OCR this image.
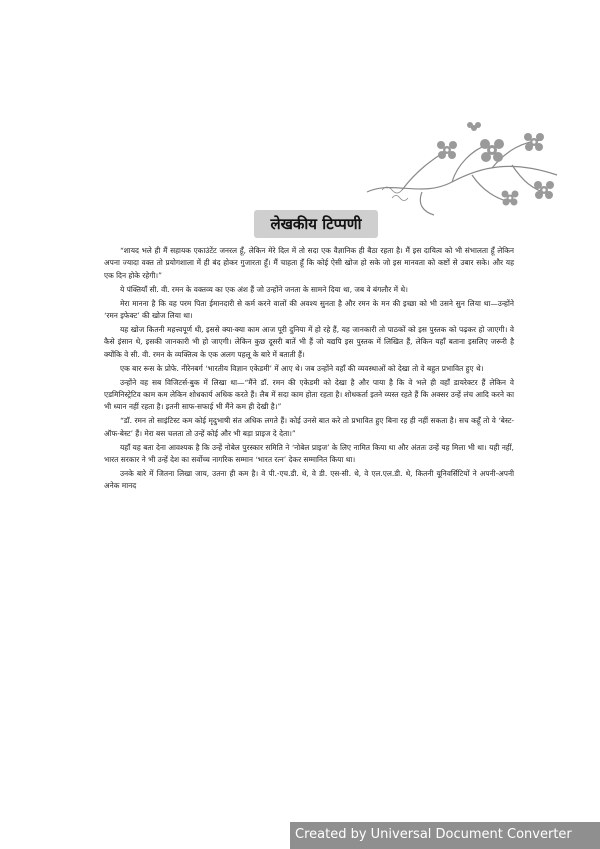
लेखकीय टिप्पणी

“शायद भले ही मैं सहायक एकाउंटेंट जनरल हूँ, लेकिन मेरे दिल में तो सदा एक वैज्ञानिक ही बैठा रहता है। मैं इस दायित्व को भी संभालता हूँ लेकिन अपना ज्यादा वक्त तो प्रयोगशाला में ही बंद होकर गुजारता हूँ। मैं चाहता हूँ कि कोई ऐसी खोज हो सके जो इस मानवता को कष्टों से उबार सके। और यह एक दिन होके रहेगी।”

ये पंक्तियाँ सी. वी. रमन के वक्तव्य का एक अंश हैं जो उन्होंने जनता के सामने दिया था, जब वे बंगलौर में थे।

मेरा मानना है कि वह परम पिता ईमानदारी से कर्म करने वालों की अवश्य सुनता है और रमन के मन की इच्छा को भी उसने सुन लिया था—उन्होंने ‘रमन इफेक्ट’ की खोज लिया था।

यह खोज कितनी महत्त्वपूर्ण थी, इससे क्या-क्या काम आज पूरी दुनिया में हो रहे हैं, यह जानकारी तो पाठकों को इस पुस्तक को पढ़कर हो जाएगी। वे कैसे इंसान थे, इसकी जानकारी भी हो जाएगी। लेकिन कुछ दूसरी बातें भी हैं जो यद्यपि इस पुस्तक में लिखित हैं, लेकिन यहाँ बताना इसलिए जरूरी है क्योंकि वे सी. वी. रमन के व्यक्तित्व के एक अलग पहलू के बारे में बताती हैं।

एक बार रूस के प्रोफे. नीरेनबर्ग ‘भारतीय विज्ञान एकेडमी’ में आए थे। जब उन्होंने वहाँ की व्यवस्थाओं को देखा तो वे बहुत प्रभावित हुए थे।

उन्होंने वह सब विजिटर्स-बुक में लिखा था—“मैंने डॉ. रमन की एकेडमी को देखा है और पाया है कि वे भले ही वहाँ डायरेक्टर हैं लेकिन वे एडमिनिस्ट्रेटिव काम कम लेकिन शोधकार्य अधिक करते हैं। लैब में सदा काम होता रहता है। शोधकर्ता इतने व्यस्त रहते हैं कि अक्सर उन्हें लंच आदि करने का भी ध्यान नहीं रहता है। इतनी साफ-सफाई भी मैंने कम ही देखी है।”

“डॉ. रमन तो साइंटिस्ट कम कोई मृदुभाषी संत अधिक लगते हैं। कोई उनसे बात करे तो प्रभावित हुए बिना रह ही नहीं सकता है। सच कहूँ तो वे ‘बेस्ट-ऑफ-बेस्ट’ हैं। मेरा बस चलता तो उन्हें कोई और भी बड़ा प्राइज दे देता।”

यहाँ यह बता देना आवश्यक है कि उन्हें नोबेल पुरस्कार समिति ने ‘नोबेल प्राइज’ के लिए नामित किया था और अंततः उन्हें यह मिला भी था। यही नहीं, भारत सरकार ने भी उन्हें देश का सर्वोच्च नागरिक सम्मान ‘भारत रत्न’ देकर सम्मानित किया था।

उनके बारे में जितना लिखा जाय, उतना ही कम है। वे पी.-एच.डी. थे, वे डी. एस-सी. थे, वे एल.एल.डी. थे, कितनी यूनिवर्सिटियों ने अपनी-अपनी अनेक मानद

Created by Universal Document Converter
